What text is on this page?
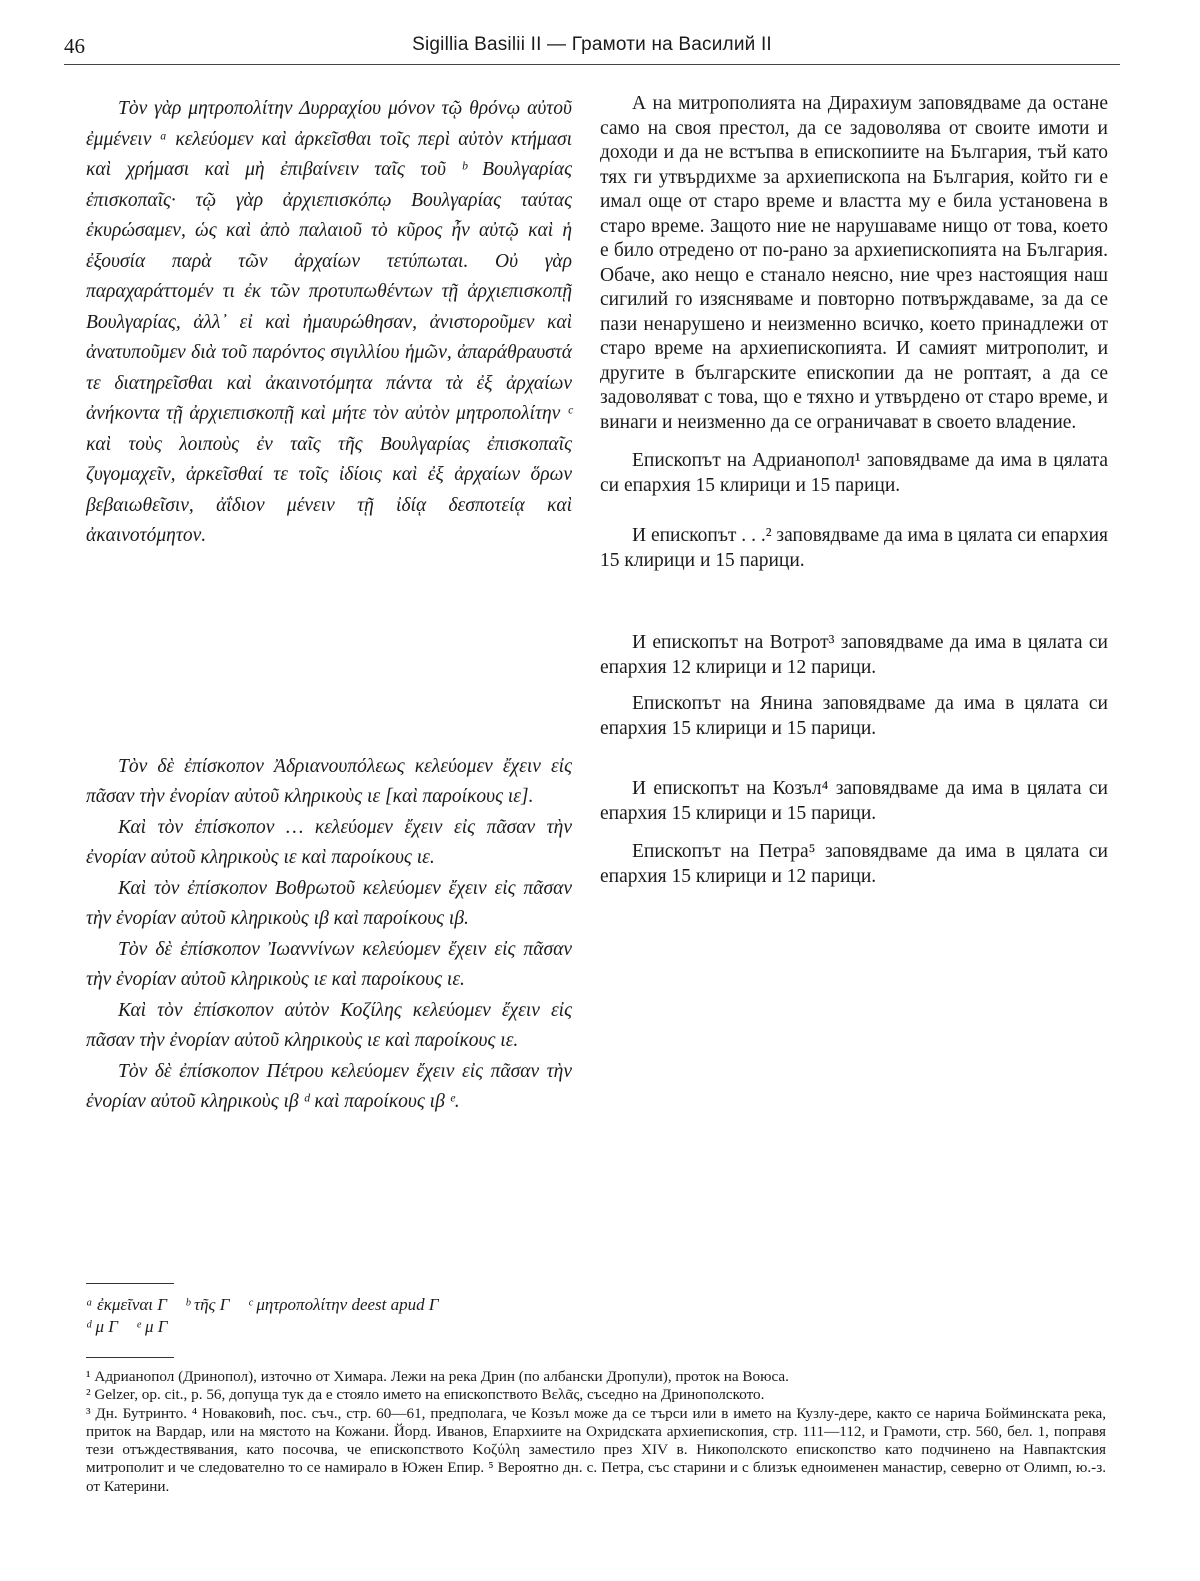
46	Sigillia Basilii II — Грамоти на Василий II

Τὸν γὰρ μητροπολίτην Δυρραχίου μόνον τῷ θρόνῳ αὐτοῦ ἐμμένειν ᵃ κελεύομεν καὶ ἀρκεῖσθαι τοῖς περὶ αὐτὸν κτήμασι καὶ χρήμασι καὶ μὴ ἐπιβαίνειν ταῖς τοῦ ᵇ Βουλγαρίας ἐπισκοπαῖς· τῷ γὰρ ἀρχιεπισκόπῳ Βουλγαρίας ταύτας ἐκυρώσαμεν, ὡς καὶ ἀπὸ παλαιοῦ τὸ κῦρος ἦν αὐτῷ καὶ ἡ ἐξουσία παρὰ τῶν ἀρχαίων τετύπωται. Οὐ γὰρ παραχαράττομέν τι ἐκ τῶν προτυπωθέντων τῇ ἀρχιεπισκοπῇ Βουλγαρίας, ἀλλ᾽ εἰ καὶ ἠμαυρώθησαν, ἀνιστοροῦμεν καὶ ἀνατυποῦμεν διὰ τοῦ παρόντος σιγιλλίου ἡμῶν, ἀπαράθραυστά τε διατηρεῖσθαι καὶ ἀκαινοτόμητα πάντα τὰ ἐξ ἀρχαίων ἀνήκοντα τῇ ἀρχιεπισκοπῇ καὶ μήτε τὸν αὐτὸν μητροπολίτην ᶜ καὶ τοὺς λοιποὺς ἐν ταῖς τῆς Βουλγαρίας ἐπισκοπαῖς ζυγομαχεῖν, ἀρκεῖσθαί τε τοῖς ἰδίοις καὶ ἐξ ἀρχαίων ὅρων βεβαιωθεῖσιν, ἀΐδιον μένειν τῇ ἰδίᾳ δεσποτείᾳ καὶ ἀκαινοτόμητον.

Τὸν δὲ ἐπίσκοπον Ἀδριανουπόλεως κελεύομεν ἔχειν εἰς πᾶσαν τὴν ἐνορίαν αὐτοῦ κληρικοὺς ιε [καὶ παροίκους ιε].

Καὶ τὸν ἐπίσκοπον … κελεύομεν ἔχειν εἰς πᾶσαν τὴν ἐνορίαν αὐτοῦ κληρικοὺς ιε καὶ παροίκους ιε.

Καὶ τὸν ἐπίσκοπον Βοθρωτοῦ κελεύομεν ἔχειν εἰς πᾶσαν τὴν ἐνορίαν αὐτοῦ κληρικοὺς ιβ καὶ παροίκους ιβ.

Τὸν δὲ ἐπίσκοπον Ἰωαννίνων κελεύομεν ἔχειν εἰς πᾶσαν τὴν ἐνορίαν αὐτοῦ κληρικοὺς ιε καὶ παροίκους ιε.

Καὶ τὸν ἐπίσκοπον αὐτὸν Κοζίλης κελεύομεν ἔχειν εἰς πᾶσαν τὴν ἐνορίαν αὐτοῦ κληρικοὺς ιε καὶ παροίκους ιε.

Τὸν δὲ ἐπίσκοπον Πέτρου κελεύομεν ἔχειν εἰς πᾶσαν τὴν ἐνορίαν αὐτοῦ κληρικοὺς ιβ ᵈ καὶ παροίκους ιβ ᵉ.

А на митрополията на Дирахиум заповядваме да остане само на своя престол, да се задоволява от своите имоти и доходи и да не встъпва в епископиите на България, тъй като тях ги утвърдихме за архиепископа на България, който ги е имал още от старо време и властта му е била установена в старо време. Защото ние не нарушаваме нищо от това, което е било отредено от по-рано за архиепископията на България. Обаче, ако нещо е станало неясно, ние чрез настоящия наш сигилий го изясняваме и повторно потвърждаваме, за да се пази ненарушено и неизменно всичко, което принадлежи от старо време на архиепископията. И самият митрополит, и другите в българските епископии да не роптаят, а да се задоволяват с това, що е тяхно и утвърдено от старо време, и винаги и неизменно да се ограничават в своето владение.

Епископът на Адрианопол¹ заповядваме да има в цялата си епархия 15 клирици и 15 парици.

И епископът . . .² заповядваме да има в цялата си епархия 15 клирици и 15 парици.

И епископът на Вотрот³ заповядваме да има в цялата си епархия 12 клирици и 12 парици.

Епископът на Янина заповядваме да има в цялата си епархия 15 клирици и 15 парици.

И епископът на Козъл⁴ заповядваме да има в цялата си епархия 15 клирици и 15 парици.

Епископът на Петра⁵ заповядваме да има в цялата си епархия 15 клирици и 12 парици.

ᵃ ἐκμεῖναι Γ ᵇ τῆς Γ ᶜ μητροπολίτην deest apud Γ
ᵈ μ Γ ᵉ μ Γ

¹ Адрианопол (Дринопол), източно от Химара. Лежи на река Дрин (по албански Дропули), проток на Воюса.

² Gelzer, op. cit., p. 56, допуща тук да е стояло името на епископството Βελᾶς, съседно на Дринополското.

³ Дн. Бутринто. ⁴ Новаковић, пос. съч., стр. 60—61, предполага, че Козъл може да се търси или в името на Кузлу-дере, както се нарича Бойминската река, приток на Вардар, или на мястото на Кожани. Йорд. Иванов, Епархиите на Охридската архиепископия, стр. 111—112, и Грамоти, стр. 560, бел. 1, поправя тези отъждествявания, като посочва, че епископството Κοζύλη заместило през XIV в. Никополското епископство като подчинено на Навпактския митрополит и че следователно то се намирало в Южен Епир. ⁵ Вероятно дн. с. Петра, със старини и с близък едноименен манастир, северно от Олимп, ю.-з. от Катерини.
